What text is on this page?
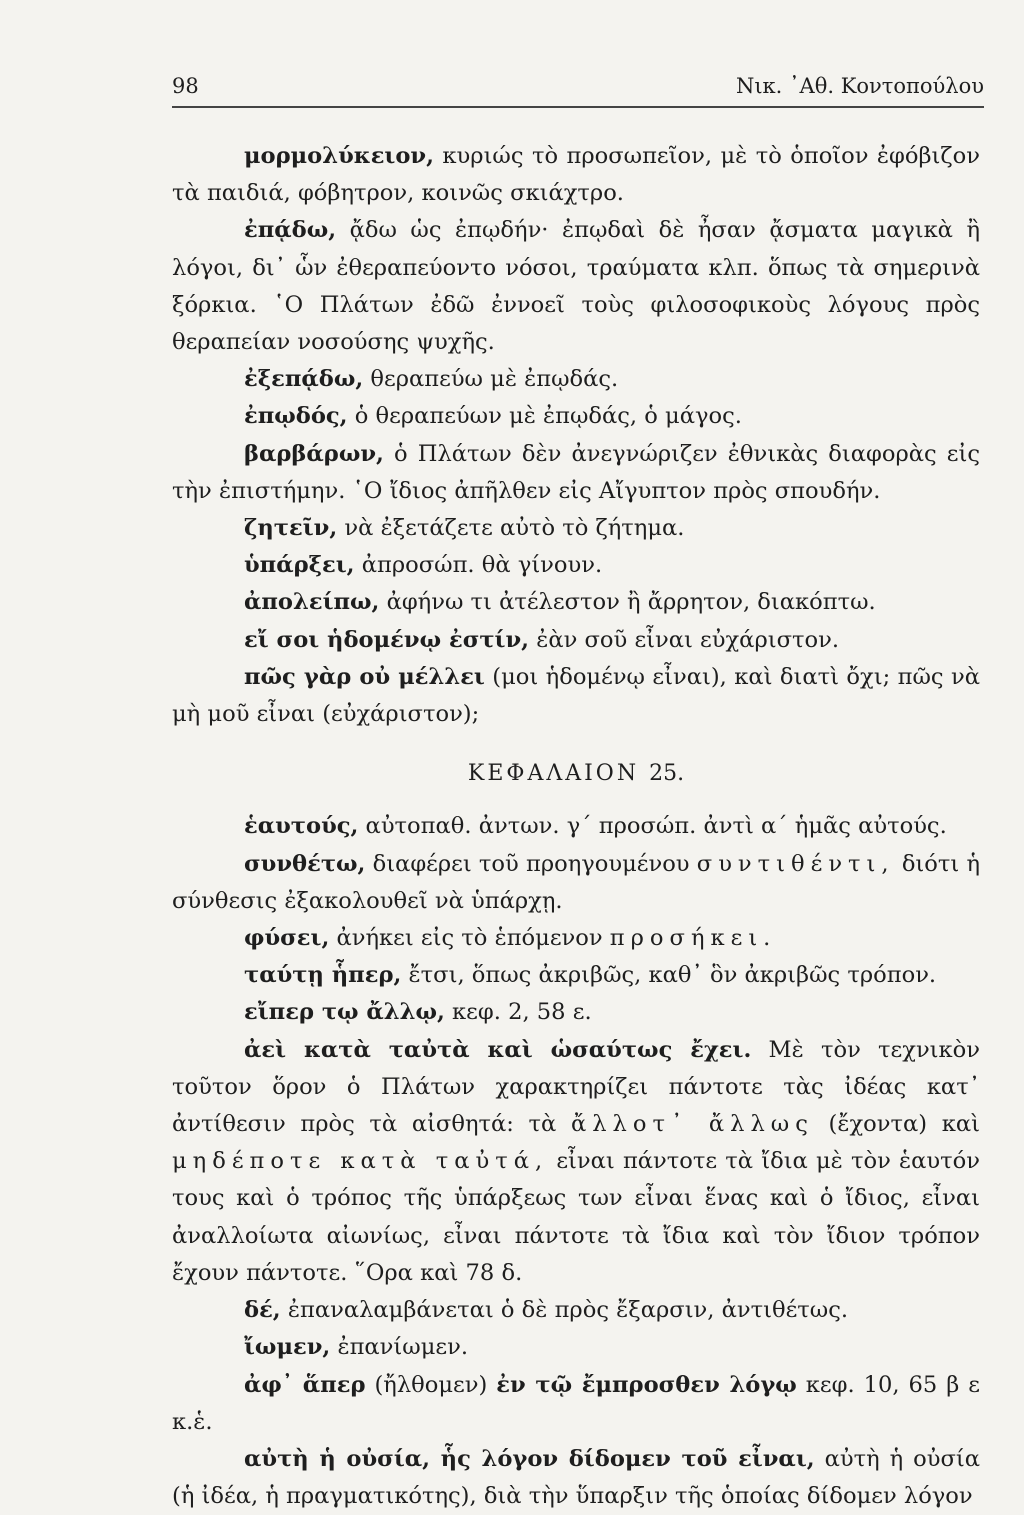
98	Νικ. ᾿Αθ. Κοντοπούλου

μορμολύκειον, κυριώς τὸ προσωπεῖον, μὲ τὸ ὁποῖον ἐφόβιζον τὰ παιδιά, φόβητρον, κοινῶς σκιάχτρο.

ἐπᾴδω, ᾄδω ὡς ἐπῳδήν· ἐπῳδαὶ δὲ ἦσαν ᾄσματα μαγικὰ ἢ λόγοι, δι᾿ ὧν ἐθεραπεύοντο νόσοι, τραύματα κλπ. ὅπως τὰ σημερινὰ ξόρκια. ῾Ο Πλάτων ἐδῶ ἐννοεῖ τοὺς φιλοσοφικοὺς λόγους πρὸς θεραπείαν νοσούσης ψυχῆς.

ἐξεπᾴδω, θεραπεύω μὲ ἐπῳδάς.

ἐπῳδός, ὁ θεραπεύων μὲ ἐπῳδάς, ὁ μάγος.

βαρβάρων, ὁ Πλάτων δὲν ἀνεγνώριζεν ἐθνικὰς διαφορὰς εἰς τὴν ἐπιστήμην. ῾Ο ἴδιος ἀπῆλθεν εἰς Αἴγυπτον πρὸς σπουδήν.

ζητεῖν, νὰ ἐξετάζετε αὐτὸ τὸ ζήτημα.

ὑπάρξει, ἀπροσώπ. θὰ γίνουν.

ἀπολείπω, ἀφήνω τι ἀτέλεστον ἢ ἄρρητον, διακόπτω.

εἴ σοι ἡδομένῳ ἐστίν, ἐὰν σοῦ εἶναι εὐχάριστον.

πῶς γὰρ οὐ μέλλει (μοι ἡδομένῳ εἶναι), καὶ διατὶ ὄχι; πῶς νὰ μὴ μοῦ εἶναι (εὐχάριστον);

ΚΕΦΑΛΑΙΟΝ 25.

ἑαυτούς, αὐτοπαθ. ἀντων. γ΄ προσώπ. ἀντὶ α΄ ἡμᾶς αὐτούς.

συνθέτω, διαφέρει τοῦ προηγουμένου συντιθέντι, διότι ἡ σύνθεσις ἐξακολουθεῖ νὰ ὑπάρχῃ.

φύσει, ἀνήκει εἰς τὸ ἑπόμενον προσήκει.

ταύτῃ ἧπερ, ἔτσι, ὅπως ἀκριβῶς, καθ᾿ ὃν ἀκριβῶς τρόπον.

εἴπερ τῳ ἄλλῳ, κεφ. 2, 58 ε.

ἀεὶ κατὰ ταὐτὰ καὶ ὡσαύτως ἔχει. Μὲ τὸν τεχνικὸν τοῦτον ὅρον ὁ Πλάτων χαρακτηρίζει πάντοτε τὰς ἰδέας κατ᾿ ἀντίθεσιν πρὸς τὰ αἰσθητά: τὰ ἄλλοτ᾿ ἄλλως (ἔχοντα) καὶ μηδέποτε κατὰ ταὐτά, εἶναι πάντοτε τὰ ἴδια μὲ τὸν ἑαυτόν τους καὶ ὁ τρόπος τῆς ὑπάρξεως των εἶναι ἕνας καὶ ὁ ἴδιος, εἶναι ἀναλλοίωτα αἰωνίως, εἶναι πάντοτε τὰ ἴδια καὶ τὸν ἴδιον τρόπον ἔχουν πάντοτε. ῞Ορα καὶ 78 δ.

δέ, ἐπαναλαμβάνεται ὁ δὲ πρὸς ἔξαρσιν, ἀντιθέτως.

ἴωμεν, ἐπανίωμεν.

ἀφ᾿ ἅπερ (ἤλθομεν) ἐν τῷ ἔμπροσθεν λόγῳ κεφ. 10, 65 β ε κ.ἑ.

αὐτὴ ἡ οὐσία, ἧς λόγον δίδομεν τοῦ εἶναι, αὐτὴ ἡ οὐσία (ἡ ἰδέα, ἡ πραγματικότης), διὰ τὴν ὕπαρξιν τῆς ὁποίας δίδομεν λόγον
